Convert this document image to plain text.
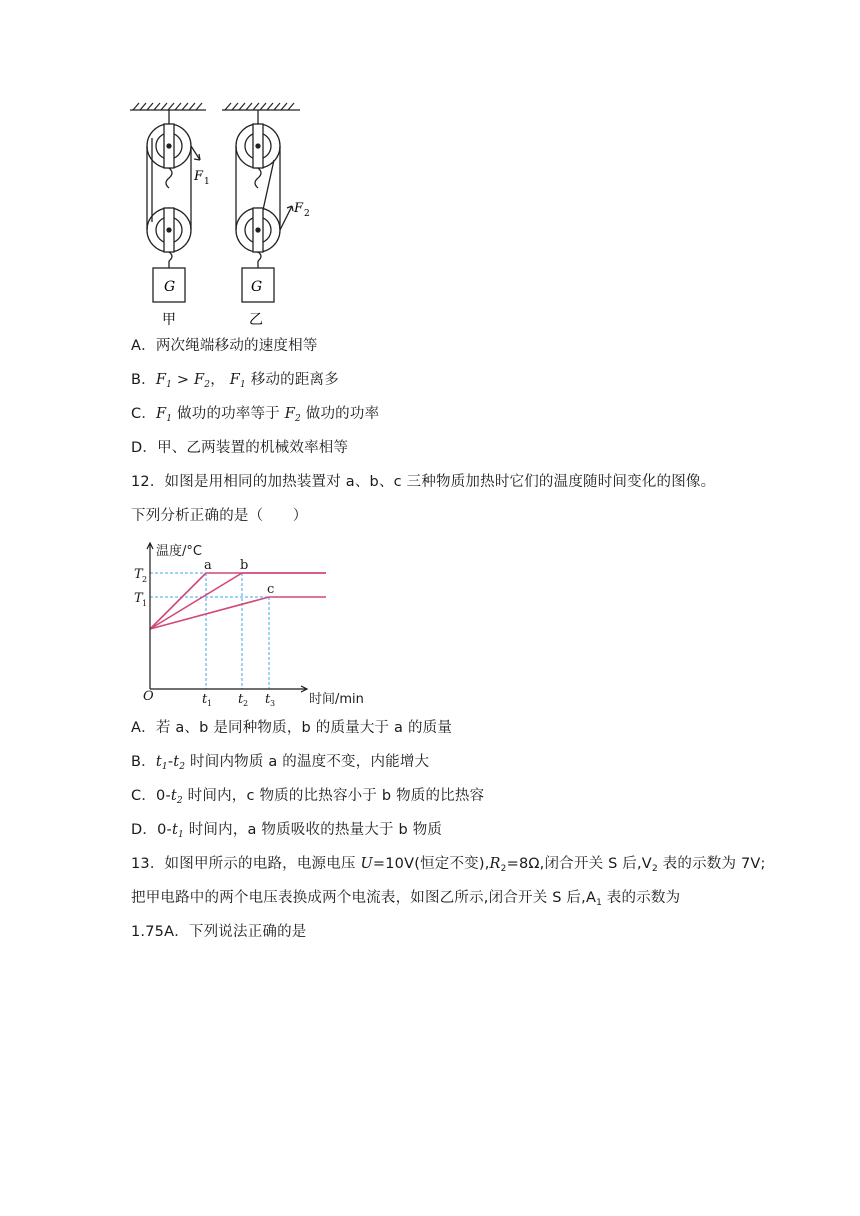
G
F 1
甲
G
F 2
乙
A．两次绳端移动的速度相等
B．$F_1 > F_2$， $F_1$ 移动的距离多
C．$F_1$ 做功的功率等于 $F_2$ 做功的功率
D．甲、乙两装置的机械效率相等
12．如图是用相同的加热装置对 a、b、c 三种物质加热时它们的温度随时间变化的图像。
下列分析正确的是（　　）
a b
c
温度/°C
时间/min
O
T 2
T 1
t 1 t 2 t 3
A．若 a、b 是同种物质，b 的质量大于 a 的质量
B．$t_1-t_2$ 时间内物质 a 的温度不变，内能增大
C．$0-t_2$ 时间内，c 物质的比热容小于 b 物质的比热容
D．$0-t_1$ 时间内，a 物质吸收的热量大于 b 物质
13．如图甲所示的电路，电源电压 U=10V(恒定不变)$,R_2=8\Omega$,闭合开关 S 后$,V_2$ 表的示数为 7V;
把甲电路中的两个电压表换成两个电流表，如图乙所示,闭合开关 S 后$,A_1$ 表的示数为
1.75A．下列说法正确的是
